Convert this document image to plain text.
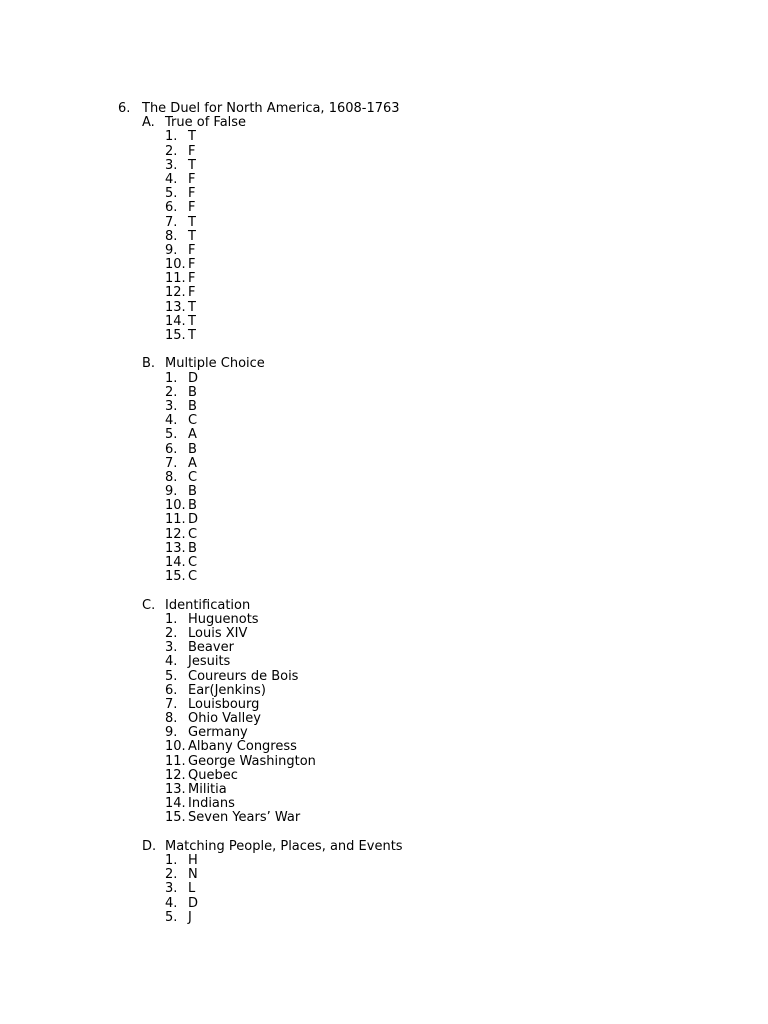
6. The Duel for North America, 1608-1763
A. True of False
1. T
2. F
3. T
4. F
5. F
6. F
7. T
8. T
9. F
10. F
11. F
12. F
13. T
14. T
15. T
B. Multiple Choice
1. D
2. B
3. B
4. C
5. A
6. B
7. A
8. C
9. B
10. B
11. D
12. C
13. B
14. C
15. C
C. Identification
1. Huguenots
2. Louis XIV
3. Beaver
4. Jesuits
5. Coureurs de Bois
6. Ear(Jenkins)
7. Louisbourg
8. Ohio Valley
9. Germany
10. Albany Congress
11. George Washington
12. Quebec
13. Militia
14. Indians
15. Seven Years’ War
D. Matching People, Places, and Events
1. H
2. N
3. L
4. D
5. J
